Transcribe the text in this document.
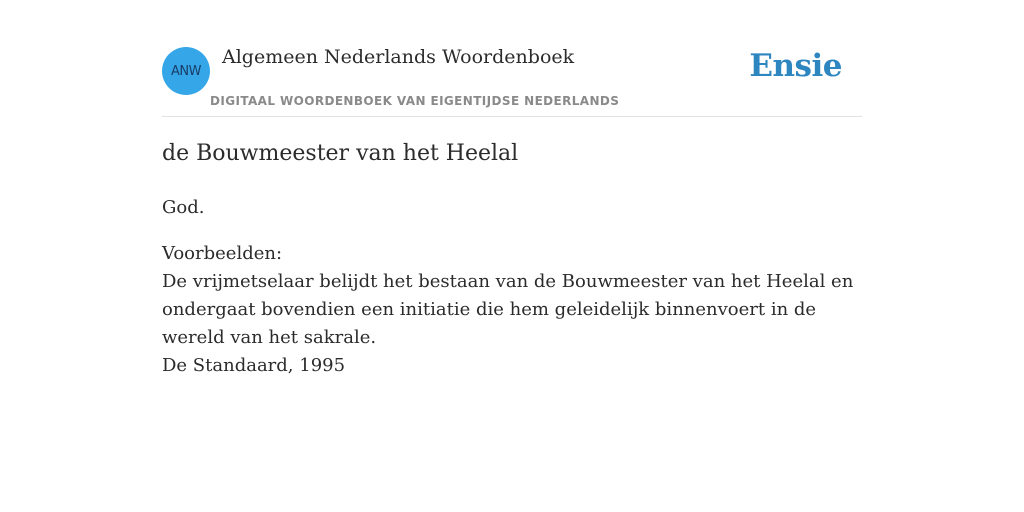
ANW
Algemeen Nederlands Woordenboek
DIGITAAL WOORDENBOEK VAN EIGENTIJDSE NEDERLANDS
Ensie
de Bouwmeester van het Heelal

God.

Voorbeelden:
De vrijmetselaar belijdt het bestaan van de Bouwmeester van het Heelal en ondergaat bovendien een initiatie die hem geleidelijk binnenvoert in de wereld van het sakrale.
De Standaard, 1995
